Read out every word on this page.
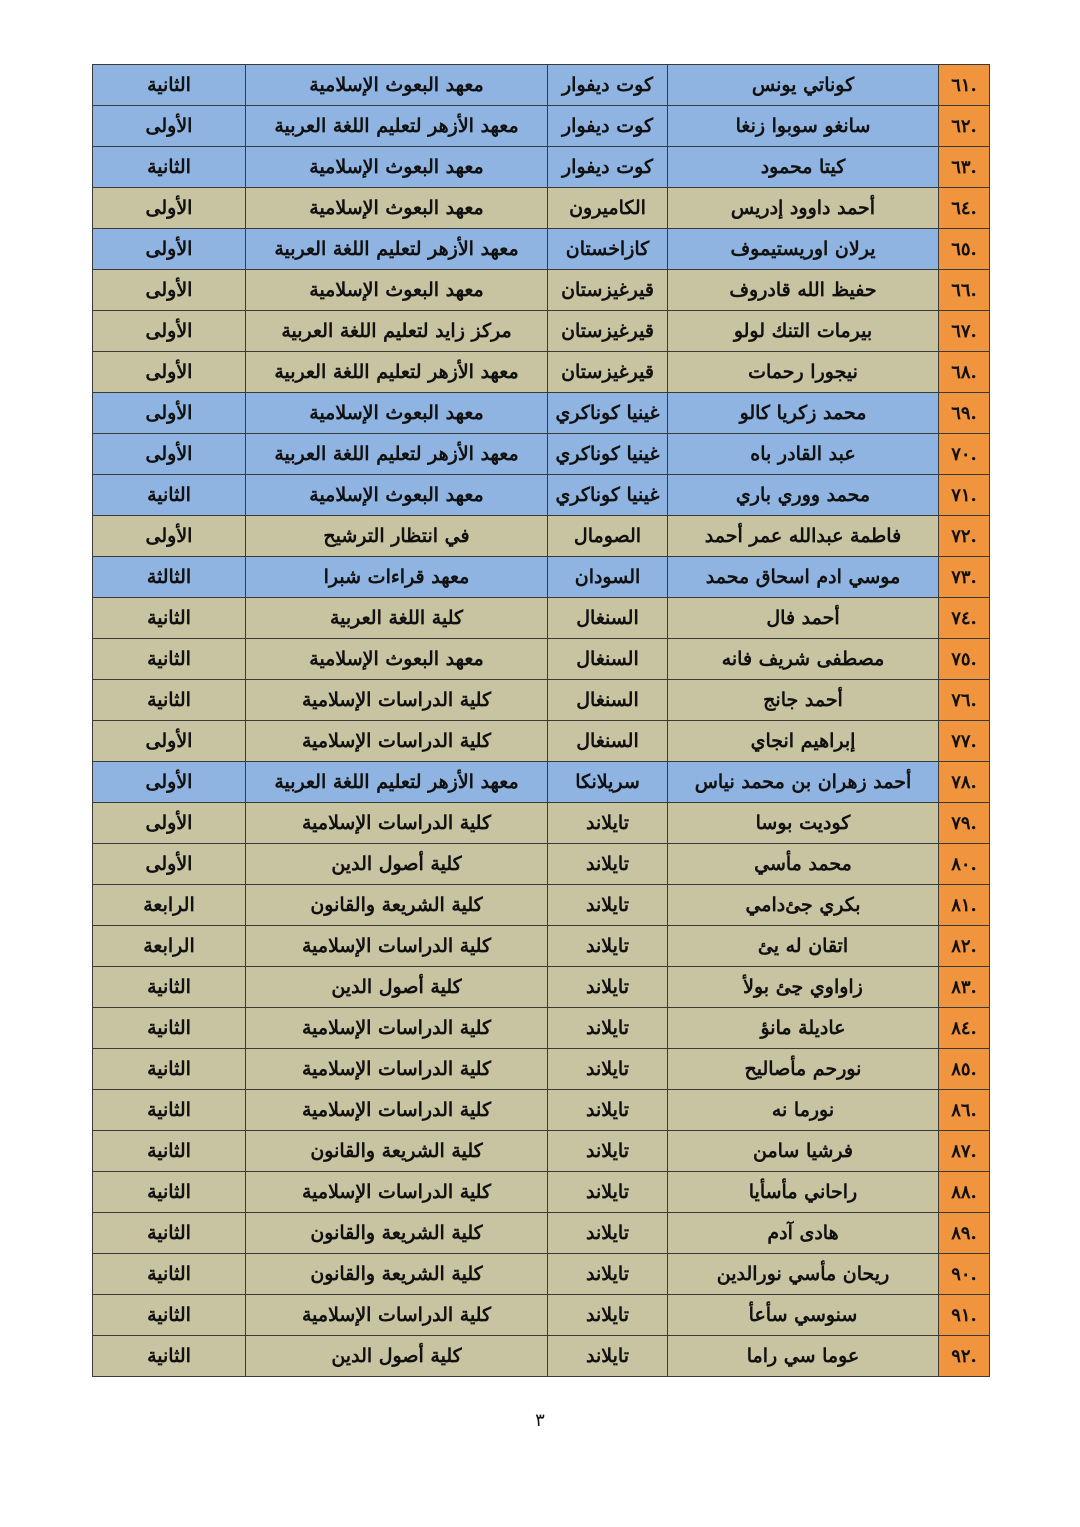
.٦١	كوناتي يونس	كوت ديفوار	معهد البعوث الإسلامية	الثانية
.٦٢	سانغو سوبوا زنغا	كوت ديفوار	معهد الأزهر لتعليم اللغة العربية	الأولى
.٦٣	كيتا محمود	كوت ديفوار	معهد البعوث الإسلامية	الثانية
.٦٤	أحمد داوود إدريس	الكاميرون	معهد البعوث الإسلامية	الأولى
.٦٥	يرلان اوريستيموف	كازاخستان	معهد الأزهر لتعليم اللغة العربية	الأولى
.٦٦	حفيظ الله قادروف	قيرغيزستان	معهد البعوث الإسلامية	الأولى
.٦٧	بيرمات التنك لولو	قيرغيزستان	مركز زايد لتعليم اللغة العربية	الأولى
.٦٨	نيجورا رحمات	قيرغيزستان	معهد الأزهر لتعليم اللغة العربية	الأولى
.٦٩	محمد زكريا كالو	غينيا كوناكري	معهد البعوث الإسلامية	الأولى
.٧٠	عبد القادر باه	غينيا كوناكري	معهد الأزهر لتعليم اللغة العربية	الأولى
.٧١	محمد ووري باري	غينيا كوناكري	معهد البعوث الإسلامية	الثانية
.٧٢	فاطمة عبدالله عمر أحمد	الصومال	في انتظار الترشيح	الأولى
.٧٣	موسي ادم اسحاق محمد	السودان	معهد قراءات شبرا	الثالثة
.٧٤	أحمد فال	السنغال	كلية اللغة العربية	الثانية
.٧٥	مصطفى شريف فانه	السنغال	معهد البعوث الإسلامية	الثانية
.٧٦	أحمد جانج	السنغال	كلية الدراسات الإسلامية	الثانية
.٧٧	إبراهيم انجاي	السنغال	كلية الدراسات الإسلامية	الأولى
.٧٨	أحمد زهران بن محمد نياس	سريلانكا	معهد الأزهر لتعليم اللغة العربية	الأولى
.٧٩	كوديت بوسا	تايلاند	كلية الدراسات الإسلامية	الأولى
.٨٠	محمد مأسي	تايلاند	كلية أصول الدين	الأولى
.٨١	بكري جئ‌دامي	تايلاند	كلية الشريعة والقانون	الرابعة
.٨٢	اتقان له يئ	تايلاند	كلية الدراسات الإسلامية	الرابعة
.٨٣	زاواوي ڃئ بولأ	تايلاند	كلية أصول الدين	الثانية
.٨٤	عاديلة مانؤ	تايلاند	كلية الدراسات الإسلامية	الثانية
.٨٥	نورحم مأصاليح	تايلاند	كلية الدراسات الإسلامية	الثانية
.٨٦	نورما نه	تايلاند	كلية الدراسات الإسلامية	الثانية
.٨٧	فرشيا سامن	تايلاند	كلية الشريعة والقانون	الثانية
.٨٨	راحاني مأسأيا	تايلاند	كلية الدراسات الإسلامية	الثانية
.٨٩	هادى آدم	تايلاند	كلية الشريعة والقانون	الثانية
.٩٠	ريحان مأسي نورالدين	تايلاند	كلية الشريعة والقانون	الثانية
.٩١	سنوسي سأعأ	تايلاند	كلية الدراسات الإسلامية	الثانية
.٩٢	عوما سي راما	تايلاند	كلية أصول الدين	الثانية
٣
